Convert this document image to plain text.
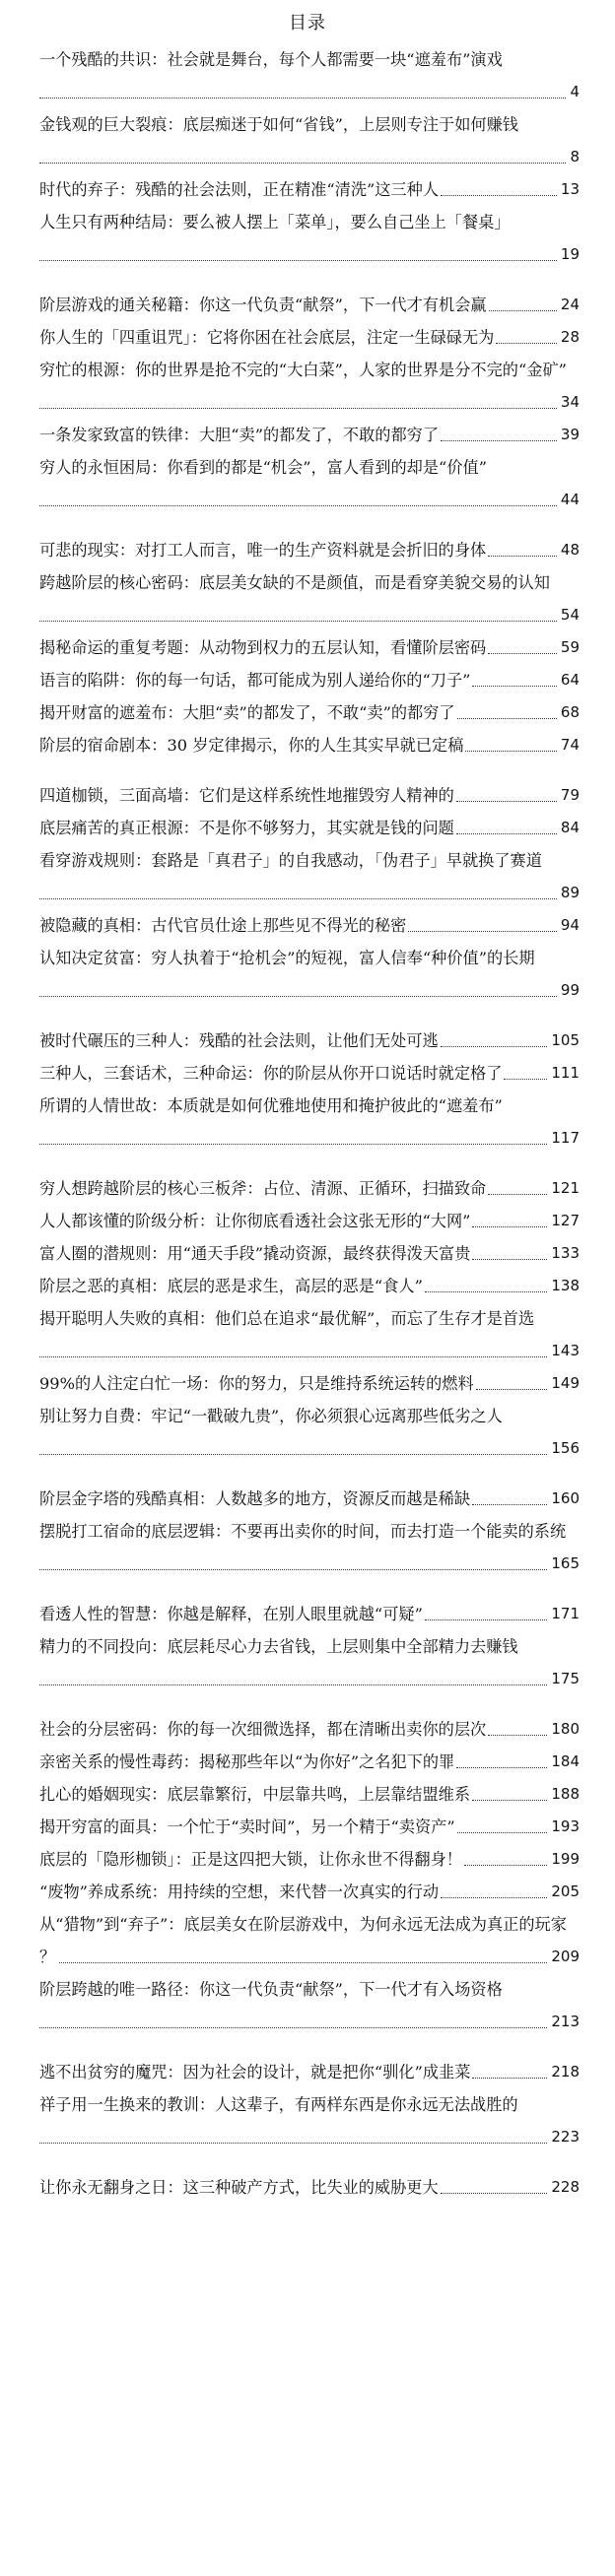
目录
一个残酷的共识：社会就是舞台，每个人都需要一块“遮羞布”演戏
4
金钱观的巨大裂痕：底层痴迷于如何“省钱”，上层则专注于如何赚钱
8
时代的弃子：残酷的社会法则，正在精准“清洗”这三种人	13
人生只有两种结局：要么被人摆上「菜单」，要么自己坐上「餐桌」
19
阶层游戏的通关秘籍：你这一代负责“献祭”，下一代才有机会赢	24
你人生的「四重诅咒」：它将你困在社会底层，注定一生碌碌无为	28
穷忙的根源：你的世界是抢不完的“大白菜”，人家的世界是分不完的“金矿”
34
一条发家致富的铁律：大胆“卖”的都发了，不敢的都穷了	39
穷人的永恒困局：你看到的都是“机会”，富人看到的却是“价值”
44
可悲的现实：对打工人而言，唯一的生产资料就是会折旧的身体	48
跨越阶层的核心密码：底层美女缺的不是颜值，而是看穿美貌交易的认知
54
揭秘命运的重复考题：从动物到权力的五层认知，看懂阶层密码	59
语言的陷阱：你的每一句话，都可能成为别人递给你的“刀子”	64
揭开财富的遮羞布：大胆“卖”的都发了，不敢“卖”的都穷了	68
阶层的宿命剧本：30 岁定律揭示，你的人生其实早就已定稿	74
四道枷锁，三面高墙：它们是这样系统性地摧毁穷人精神的	79
底层痛苦的真正根源：不是你不够努力，其实就是钱的问题	84
看穿游戏规则：套路是「真君子」的自我感动，「伪君子」早就换了赛道
89
被隐藏的真相：古代官员仕途上那些见不得光的秘密	94
认知决定贫富：穷人执着于“抢机会”的短视，富人信奉“种价值”的长期
99
被时代碾压的三种人：残酷的社会法则，让他们无处可逃	105
三种人，三套话术，三种命运：你的阶层从你开口说话时就定格了	111
所谓的人情世故：本质就是如何优雅地使用和掩护彼此的“遮羞布”
117
穷人想跨越阶层的核心三板斧：占位、清源、正循环，扫描致命	121
人人都该懂的阶级分析：让你彻底看透社会这张无形的“大网”	127
富人圈的潜规则：用“通天手段”撬动资源，最终获得泼天富贵	133
阶层之恶的真相：底层的恶是求生，高层的恶是“食人”	138
揭开聪明人失败的真相：他们总在追求“最优解”，而忘了生存才是首选
143
99%的人注定白忙一场：你的努力，只是维持系统运转的燃料	149
别让努力自费：牢记“一戳破九贵”，你必须狠心远离那些低劣之人
156
阶层金字塔的残酷真相：人数越多的地方，资源反而越是稀缺	160
摆脱打工宿命的底层逻辑：不要再出卖你的时间，而去打造一个能卖的系统
165
看透人性的智慧：你越是解释，在别人眼里就越“可疑”	171
精力的不同投向：底层耗尽心力去省钱，上层则集中全部精力去赚钱
175
社会的分层密码：你的每一次细微选择，都在清晰出卖你的层次	180
亲密关系的慢性毒药：揭秘那些年以“为你好”之名犯下的罪	184
扎心的婚姻现实：底层靠繁衍，中层靠共鸣，上层靠结盟维系	188
揭开穷富的面具：一个忙于“卖时间”，另一个精于“卖资产”	193
底层的「隐形枷锁」：正是这四把大锁，让你永世不得翻身！	199
“废物”养成系统：用持续的空想，来代替一次真实的行动	205
从“猎物”到“弃子”：底层美女在阶层游戏中，为何永远无法成为真正的玩家
？	209
阶层跨越的唯一路径：你这一代负责“献祭”，下一代才有入场资格
213
逃不出贫穷的魔咒：因为社会的设计，就是把你“驯化”成韭菜	218
祥子用一生换来的教训：人这辈子，有两样东西是你永远无法战胜的
223
让你永无翻身之日：这三种破产方式，比失业的威胁更大	228
